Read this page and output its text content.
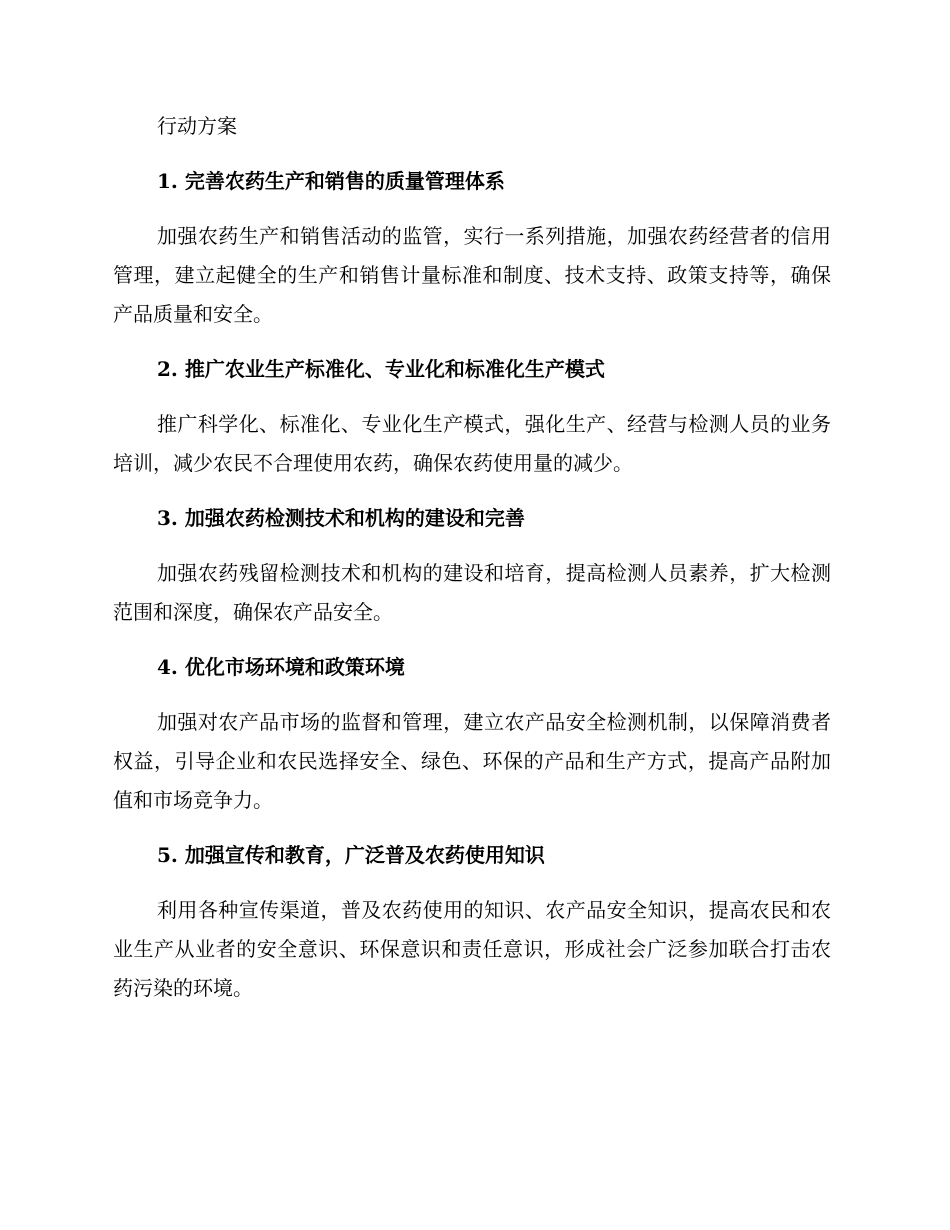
行动方案

1. 完善农药生产和销售的质量管理体系

加强农药生产和销售活动的监管，实行一系列措施，加强农药经营者的信用管理，建立起健全的生产和销售计量标准和制度、技术支持、政策支持等，确保产品质量和安全。

2. 推广农业生产标准化、专业化和标准化生产模式

推广科学化、标准化、专业化生产模式，强化生产、经营与检测人员的业务培训，减少农民不合理使用农药，确保农药使用量的减少。

3. 加强农药检测技术和机构的建设和完善

加强农药残留检测技术和机构的建设和培育，提高检测人员素养，扩大检测范围和深度，确保农产品安全。

4. 优化市场环境和政策环境

加强对农产品市场的监督和管理，建立农产品安全检测机制，以保障消费者权益，引导企业和农民选择安全、绿色、环保的产品和生产方式，提高产品附加值和市场竞争力。

5. 加强宣传和教育，广泛普及农药使用知识

利用各种宣传渠道，普及农药使用的知识、农产品安全知识，提高农民和农业生产从业者的安全意识、环保意识和责任意识，形成社会广泛参加联合打击农药污染的环境。
